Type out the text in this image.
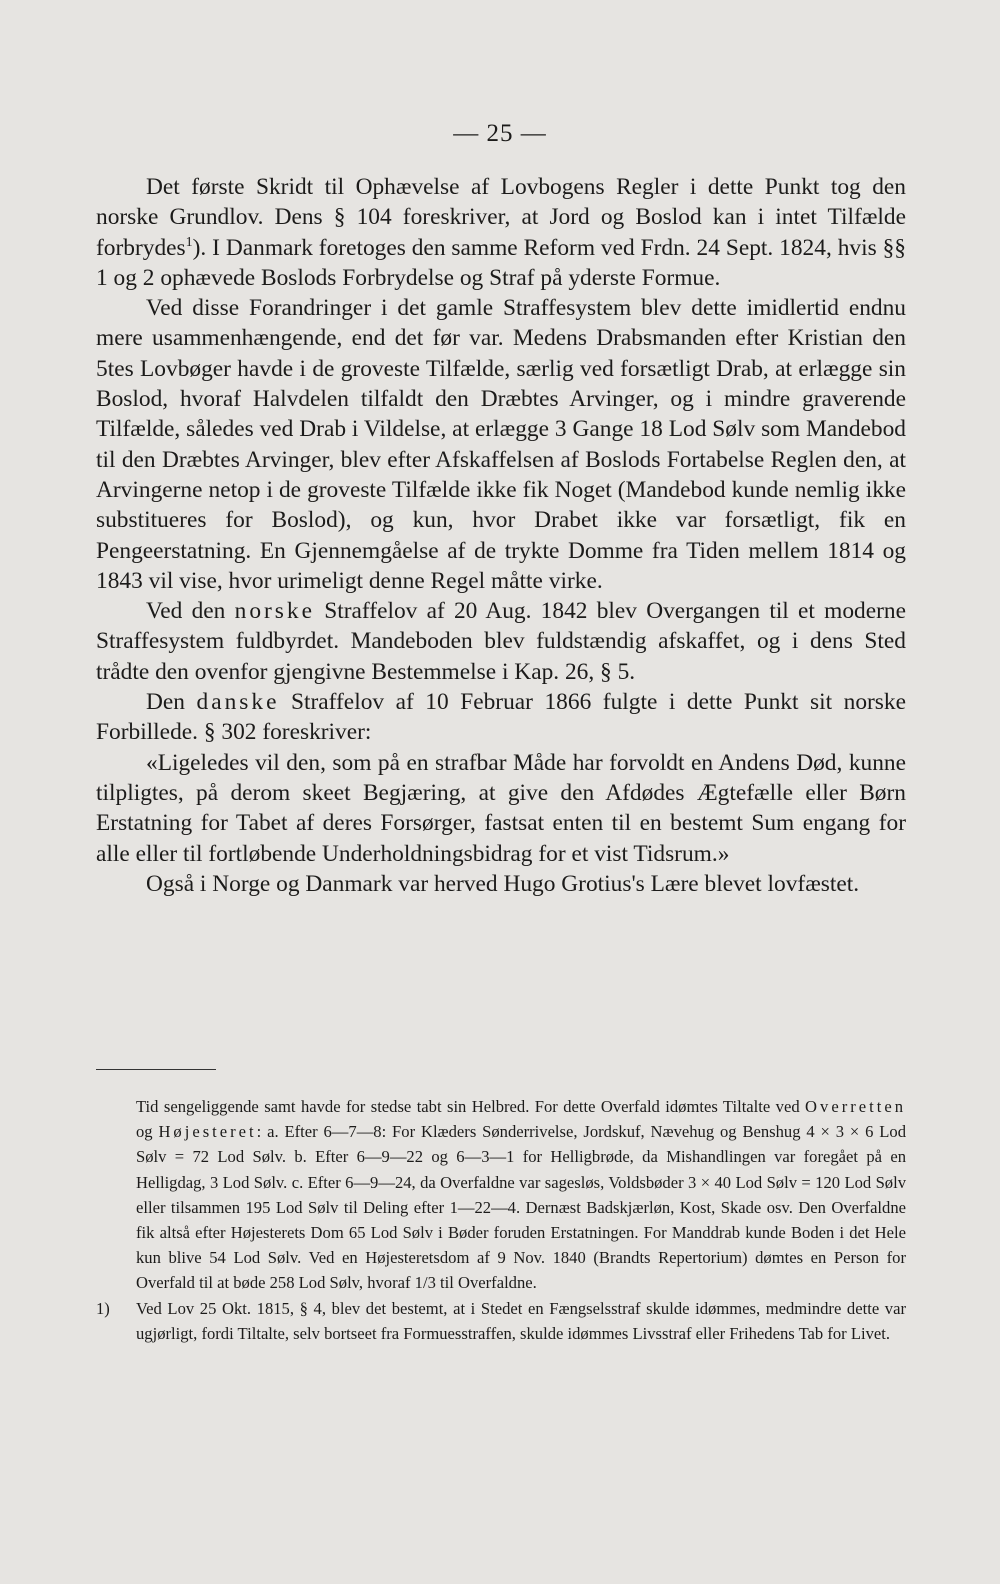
— 25 —

Det første Skridt til Ophævelse af Lovbogens Regler i dette Punkt tog den norske Grundlov. Dens § 104 foreskriver, at Jord og Boslod kan i intet Tilfælde forbrydes$^1$). I Danmark foretoges den samme Reform ved Frdn. 24 Sept. 1824, hvis §§ 1 og 2 ophævede Boslods Forbrydelse og Straf på yderste Formue.

Ved disse Forandringer i det gamle Straffesystem blev dette imidlertid endnu mere usammenhængende, end det før var. Medens Drabsmanden efter Kristian den 5tes Lovbøger havde i de groveste Tilfælde, særlig ved forsætligt Drab, at erlægge sin Boslod, hvoraf Halvdelen tilfaldt den Dræbtes Arvinger, og i mindre graverende Tilfælde, således ved Drab i Vildelse, at erlægge 3 Gange 18 Lod Sølv som Mandebod til den Dræbtes Arvinger, blev efter Afskaffelsen af Boslods Fortabelse Reglen den, at Arvingerne netop i de groveste Tilfælde ikke fik Noget (Mandebod kunde nemlig ikke substitueres for Boslod), og kun, hvor Drabet ikke var forsætligt, fik en Pengeerstatning. En Gjennemgåelse af de trykte Domme fra Tiden mellem 1814 og 1843 vil vise, hvor urimeligt denne Regel måtte virke.

Ved den norske Straffelov af 20 Aug. 1842 blev Overgangen til et moderne Straffesystem fuldbyrdet. Mandeboden blev fuldstændig afskaffet, og i dens Sted trådte den ovenfor gjengivne Bestemmelse i Kap. 26, § 5.

Den danske Straffelov af 10 Februar 1866 fulgte i dette Punkt sit norske Forbillede. § 302 foreskriver:

«Ligeledes vil den, som på en strafbar Måde har forvoldt en Andens Død, kunne tilpligtes, på derom skeet Begjæring, at give den Afdødes Ægtefælle eller Børn Erstatning for Tabet af deres Forsørger, fastsat enten til en bestemt Sum engang for alle eller til fortløbende Underholdningsbidrag for et vist Tidsrum.»

Også i Norge og Danmark var herved Hugo Grotius's Lære blevet lovfæstet.

Tid sengeliggende samt havde for stedse tabt sin Helbred. For dette Overfald idømtes Tiltalte ved Overretten og Højesteret: a. Efter 6—7—8: For Klæders Sønderrivelse, Jordskuf, Nævehug og Benshug 4 × 3 × 6 Lod Sølv = 72 Lod Sølv. b. Efter 6—9—22 og 6—3—1 for Helligbrøde, da Mishandlingen var foregået på en Helligdag, 3 Lod Sølv. c. Efter 6—9—24, da Overfaldne var sagesløs, Voldsbøder 3 × 40 Lod Sølv = 120 Lod Sølv eller tilsammen 195 Lod Sølv til Deling efter 1—22—4. Dernæst Badskjærløn, Kost, Skade osv. Den Overfaldne fik altså efter Højesterets Dom 65 Lod Sølv i Bøder foruden Erstatningen. For Manddrab kunde Boden i det Hele kun blive 54 Lod Sølv. Ved en Højesteretsdom af 9 Nov. 1840 (Brandts Repertorium) dømtes en Person for Overfald til at bøde 258 Lod Sølv, hvoraf 1/3 til Overfaldne.

1)	Ved Lov 25 Okt. 1815, § 4, blev det bestemt, at i Stedet en Fængselsstraf skulde idømmes, medmindre dette var ugjørligt, fordi Tiltalte, selv bortseet fra Formuesstraffen, skulde idømmes Livsstraf eller Frihedens Tab for Livet.
